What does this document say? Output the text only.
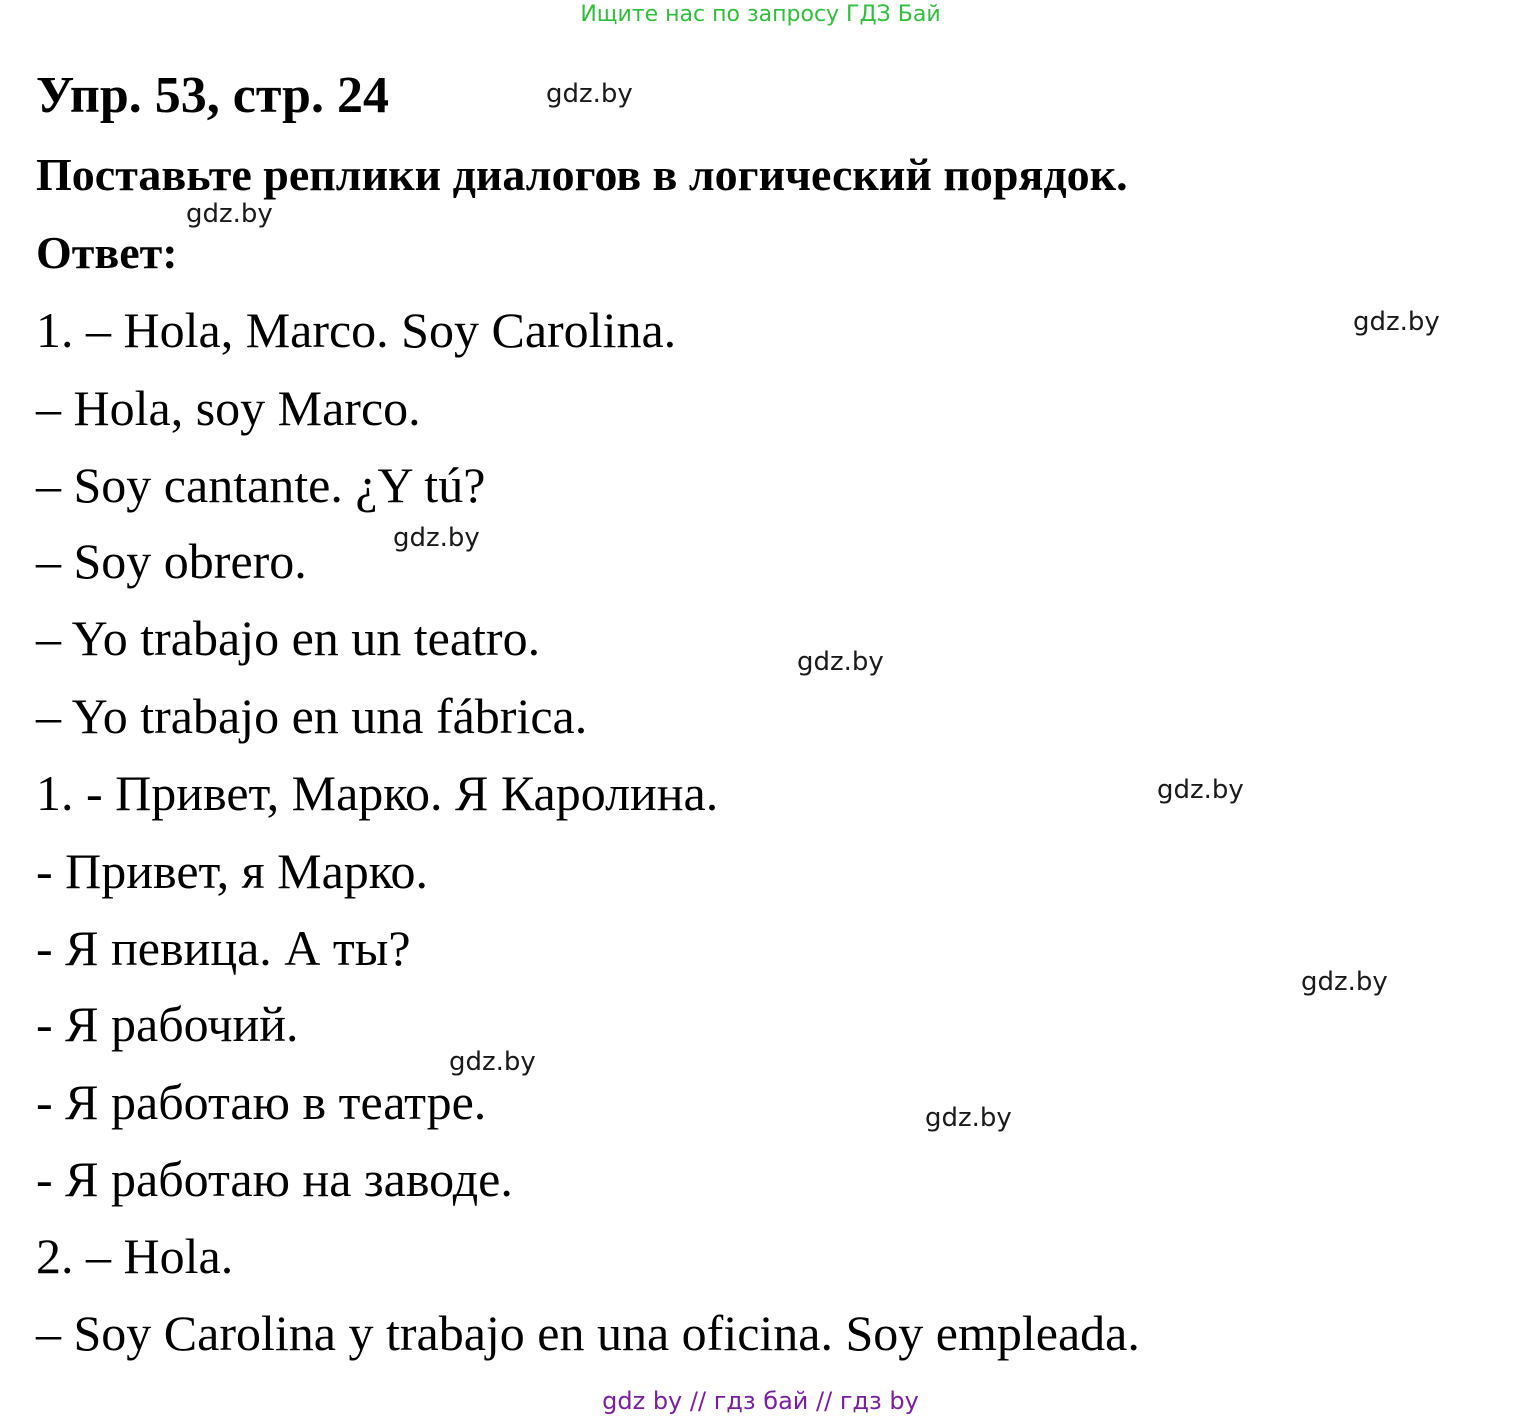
Ищите нас по запросу ГДЗ Бай
Упр. 53, стр. 24
Поставьте реплики диалогов в логический порядок.
Ответ:
1. – Hola, Marco. Soy Carolina.
– Hola, soy Marco.
– Soy cantante. ¿Y tú?
– Soy obrero.
– Yo trabajo en un teatro.
– Yo trabajo en una fábrica.
1. - Привет, Марко. Я Каролина.
- Привет, я Марко.
- Я певица. А ты?
- Я рабочий.
- Я работаю в театре.
- Я работаю на заводе.
2. – Hola.
– Soy Carolina y trabajo en una oficina. Soy empleada.
gdz.by
gdz.by
gdz.by
gdz.by
gdz.by
gdz.by
gdz.by
gdz.by
gdz.by
gdz by // гдз бай // гдз by
